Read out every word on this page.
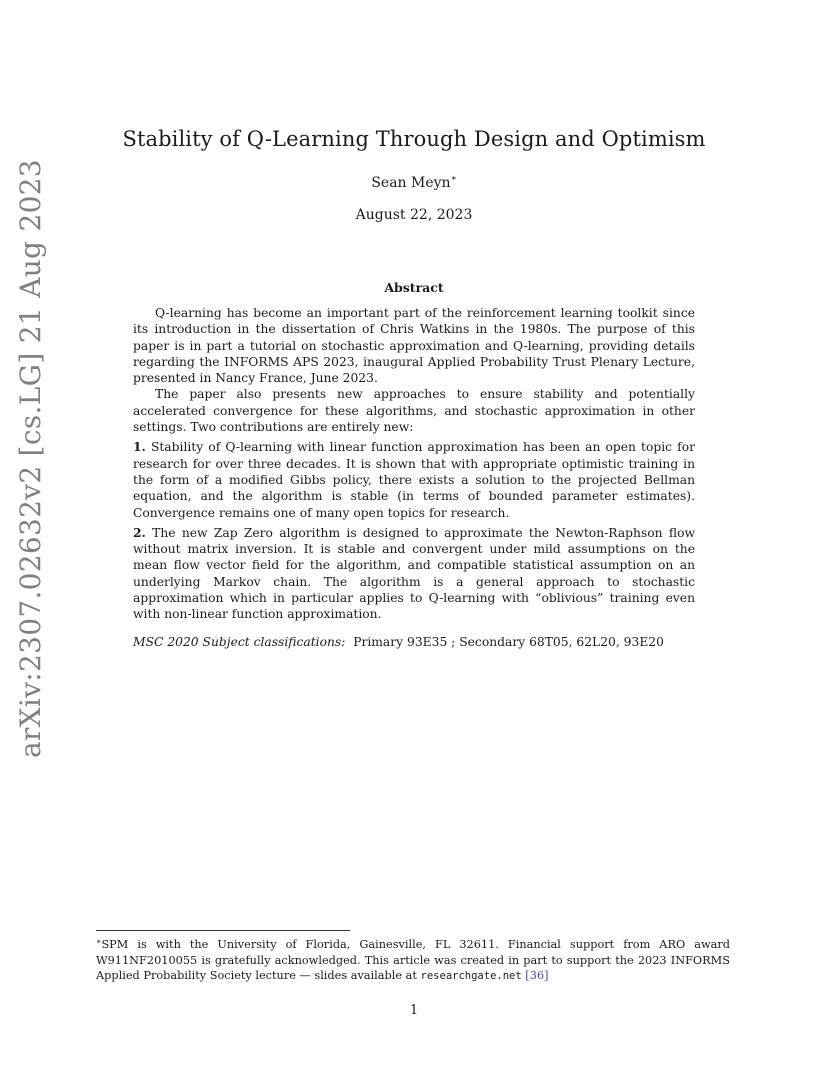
arXiv:2307.02632v2 [cs.LG] 21 Aug 2023
Stability of Q-Learning Through Design and Optimism
Sean Meyn∗
August 22, 2023
Abstract

Q-learning has become an important part of the reinforcement learning toolkit since its introduction in the dissertation of Chris Watkins in the 1980s. The purpose of this paper is in part a tutorial on stochastic approximation and Q-learning, providing details regarding the INFORMS APS 2023, inaugural Applied Probability Trust Plenary Lecture, presented in Nancy France, June 2023.

The paper also presents new approaches to ensure stability and potentially accelerated convergence for these algorithms, and stochastic approximation in other settings. Two contributions are entirely new:

1. Stability of Q-learning with linear function approximation has been an open topic for research for over three decades. It is shown that with appropriate optimistic training in the form of a modified Gibbs policy, there exists a solution to the projected Bellman equation, and the algorithm is stable (in terms of bounded parameter estimates). Convergence remains one of many open topics for research.

2. The new Zap Zero algorithm is designed to approximate the Newton-Raphson flow without matrix inversion. It is stable and convergent under mild assumptions on the mean flow vector field for the algorithm, and compatible statistical assumption on an underlying Markov chain. The algorithm is a general approach to stochastic approximation which in particular applies to Q-learning with “oblivious” training even with non-linear function approximation.

MSC 2020 Subject classifications: Primary 93E35 ; Secondary 68T05, 62L20, 93E20

∗SPM is with the University of Florida, Gainesville, FL 32611. Financial support from ARO award W911NF2010055 is gratefully acknowledged. This article was created in part to support the 2023 INFORMS Applied Probability Society lecture — slides available at researchgate.net [36]
1
